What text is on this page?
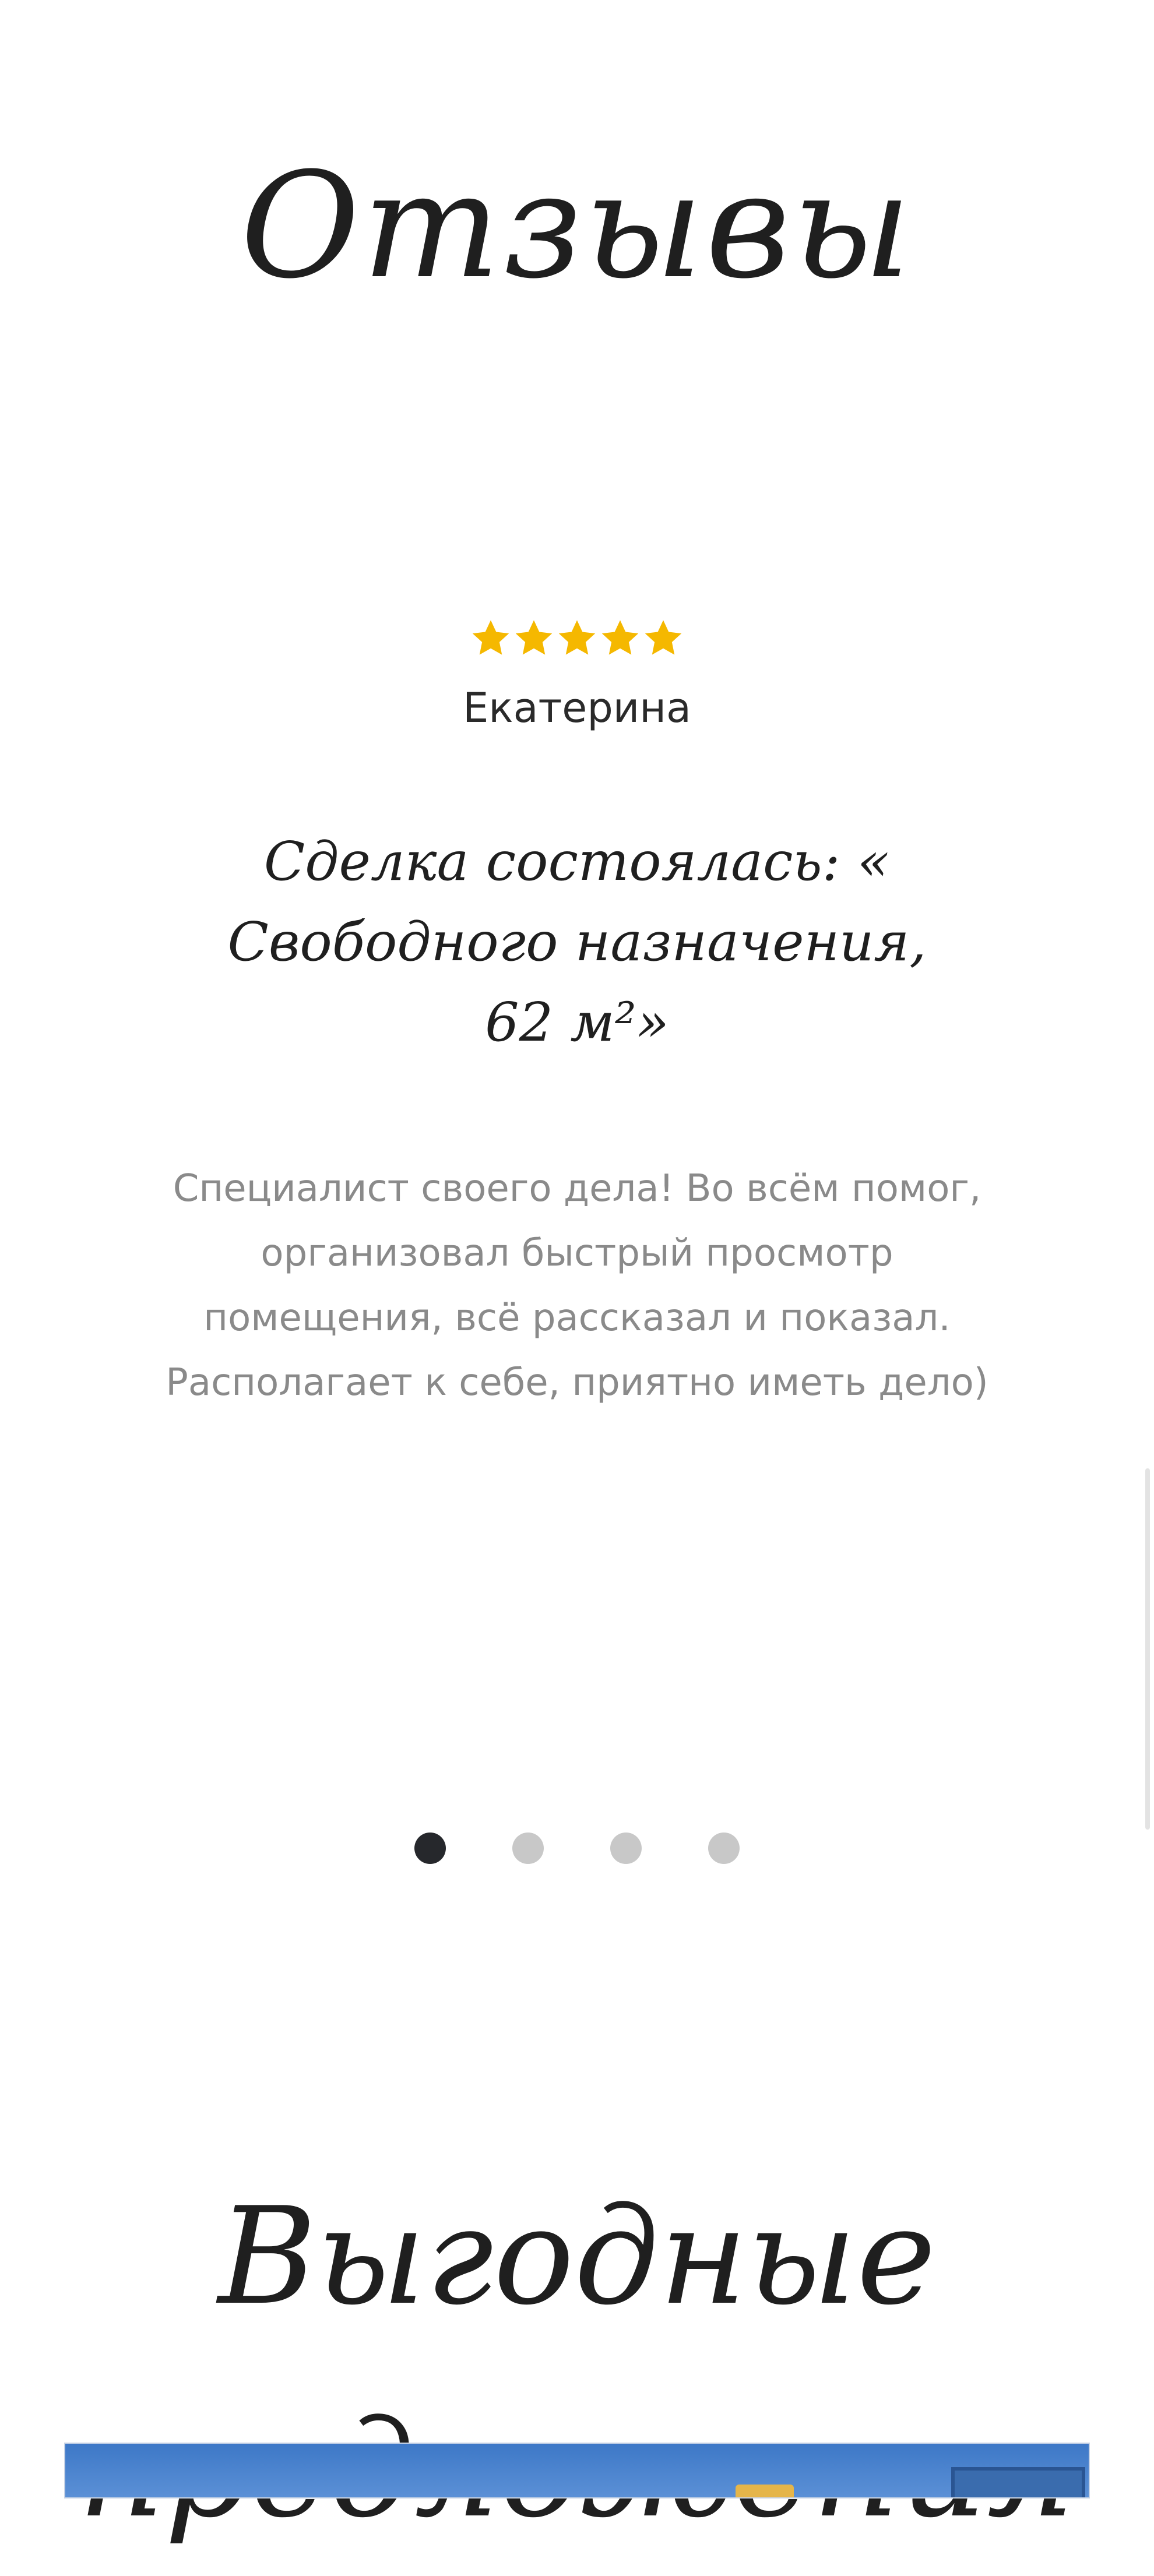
Отзывы
Екатерина
Сделка состоялась: « Свободного назначения, 62 м²»
Специалист своего дела! Во всём помог, организовал быстрый просмотр помещения, всё рассказал и показал. Располагает к себе, приятно иметь дело)
Выгодные
